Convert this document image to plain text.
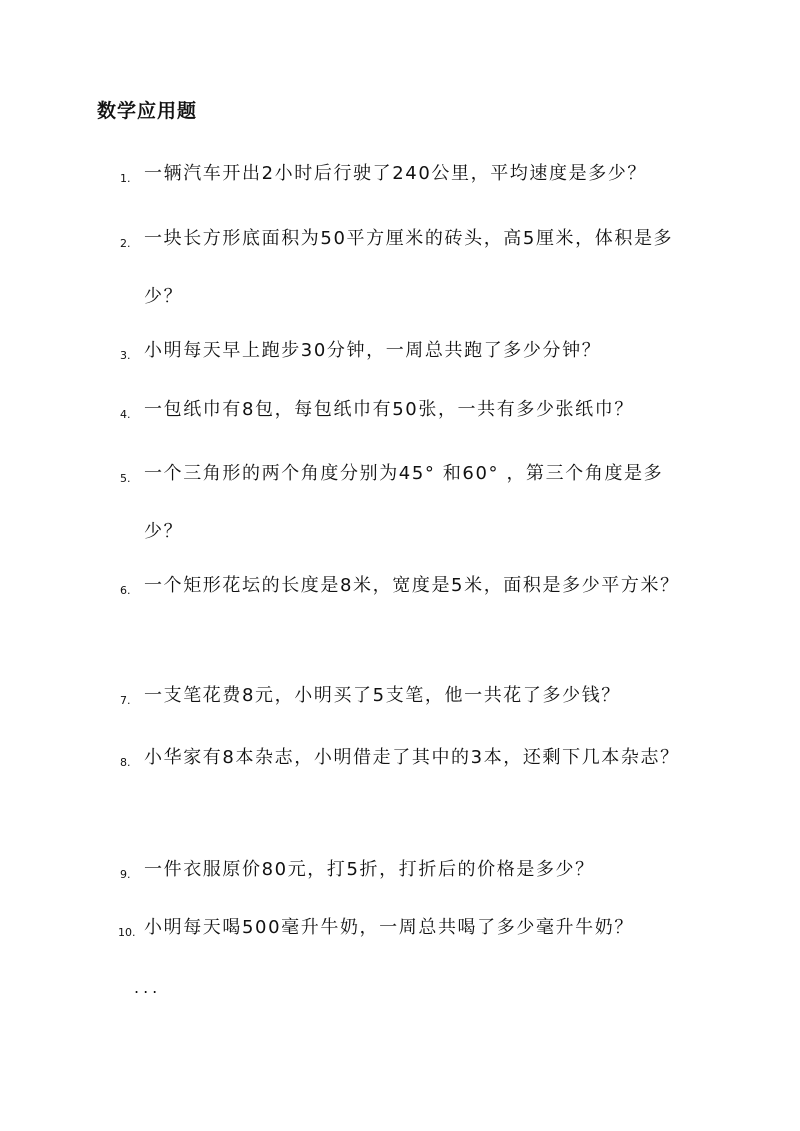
数学应用题
1. 一辆汽车开出2小时后行驶了240公里，平均速度是多少？
2. 一块长方形底面积为50平方厘米的砖头，高5厘米，体积是多少？
3. 小明每天早上跑步30分钟，一周总共跑了多少分钟？
4. 一包纸巾有8包，每包纸巾有50张，一共有多少张纸巾？
5. 一个三角形的两个角度分别为45° 和60° ，第三个角度是多少？
6. 一个矩形花坛的长度是8米，宽度是5米，面积是多少平方米？
7. 一支笔花费8元，小明买了5支笔，他一共花了多少钱？
8. 小华家有8本杂志，小明借走了其中的3本，还剩下几本杂志？
9. 一件衣服原价80元，打5折，打折后的价格是多少？
10. 小明每天喝500毫升牛奶，一周总共喝了多少毫升牛奶？
...
